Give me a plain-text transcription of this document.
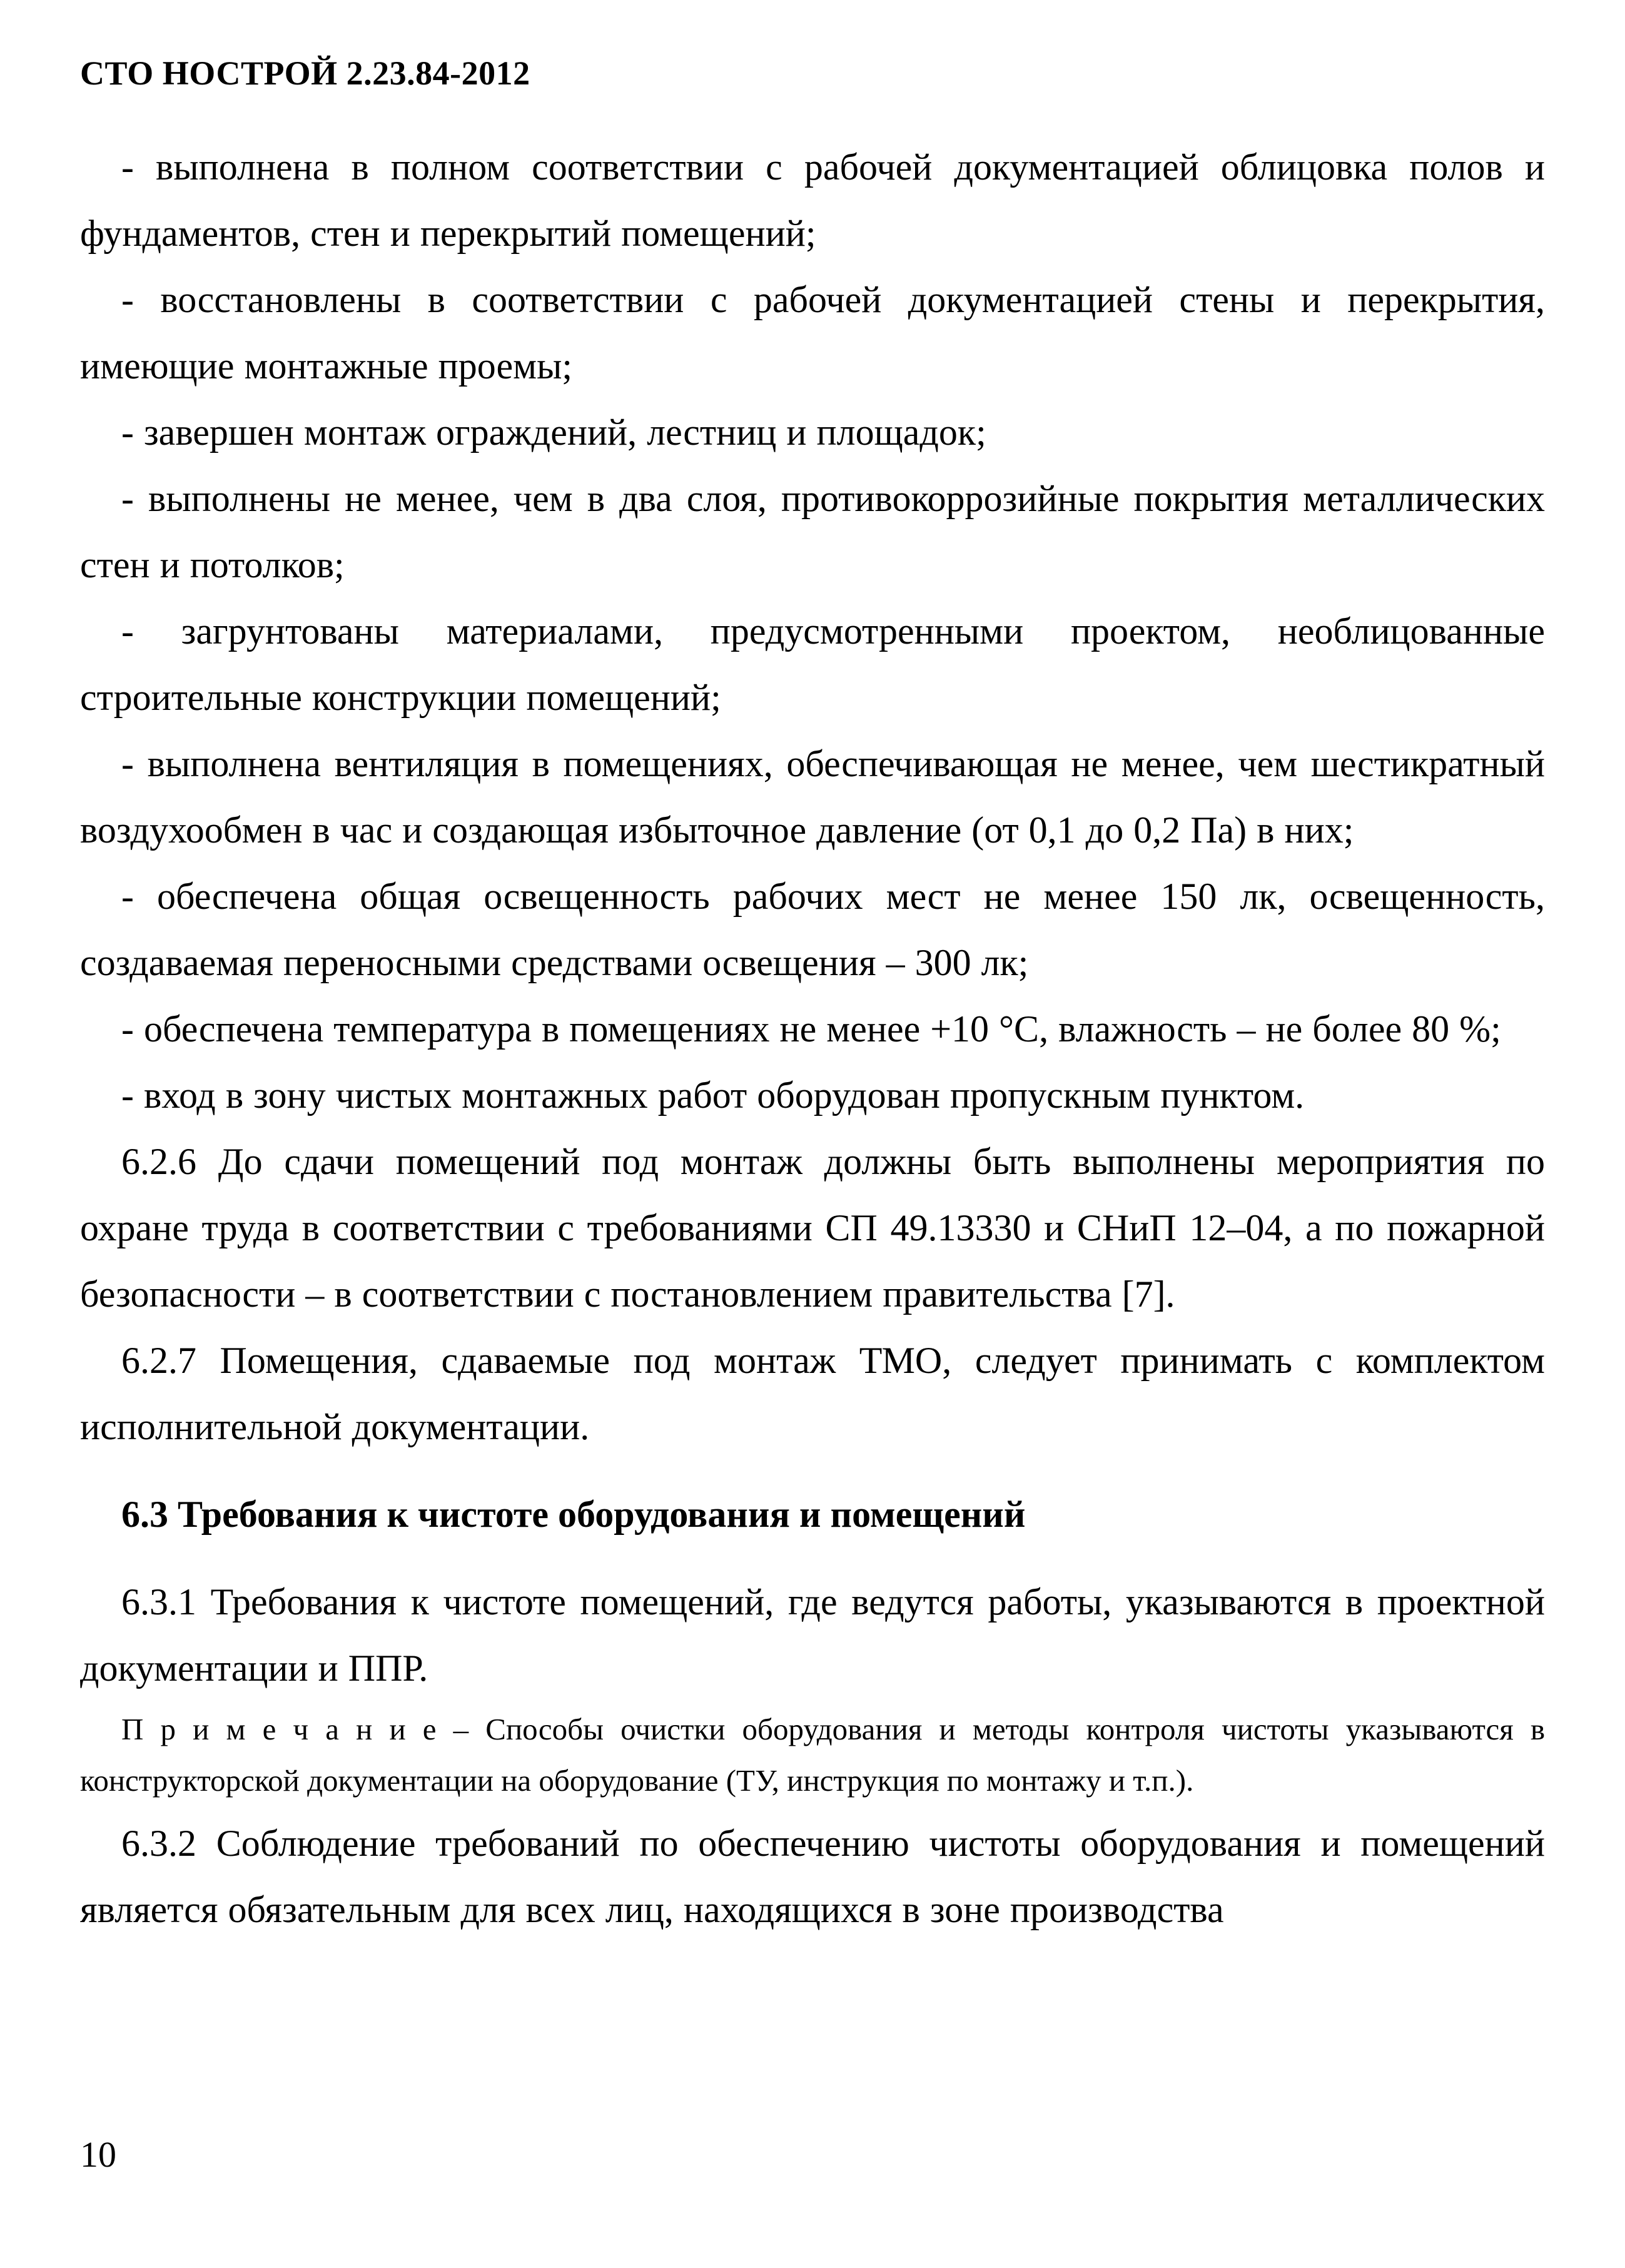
СТО НОСТРОЙ 2.23.84-2012

- выполнена в полном соответствии с рабочей документацией облицовка полов и фундаментов, стен и перекрытий помещений;

- восстановлены в соответствии с рабочей документацией стены и перекрытия, имеющие монтажные проемы;

- завершен монтаж ограждений, лестниц и площадок;

- выполнены не менее, чем в два слоя, противокоррозийные покрытия металлических стен и потолков;

- загрунтованы материалами, предусмотренными проектом, необлицованные строительные конструкции помещений;

- выполнена вентиляция в помещениях, обеспечивающая не менее, чем шестикратный воздухообмен в час и создающая избыточное давление (от 0,1 до 0,2 Па) в них;

- обеспечена общая освещенность рабочих мест не менее 150 лк, освещенность, создаваемая переносными средствами освещения – 300 лк;

- обеспечена температура в помещениях не менее +10 °С, влажность – не более 80 %;

- вход в зону чистых монтажных работ оборудован пропускным пунктом.

6.2.6 До сдачи помещений под монтаж должны быть выполнены мероприятия по охране труда в соответствии с требованиями СП 49.13330 и СНиП 12–04, а по пожарной безопасности – в соответствии с постановлением правительства [7].

6.2.7 Помещения, сдаваемые под монтаж ТМО, следует принимать с комплектом исполнительной документации.

6.3 Требования к чистоте оборудования и помещений

6.3.1 Требования к чистоте помещений, где ведутся работы, указываются в проектной документации и ППР.

П р и м е ч а н и е – Способы очистки оборудования и методы контроля чистоты указываются в конструкторской документации на оборудование (ТУ, инструкция по монтажу и т.п.).

6.3.2 Соблюдение требований по обеспечению чистоты оборудования и помещений является обязательным для всех лиц, находящихся в зоне производства

10
